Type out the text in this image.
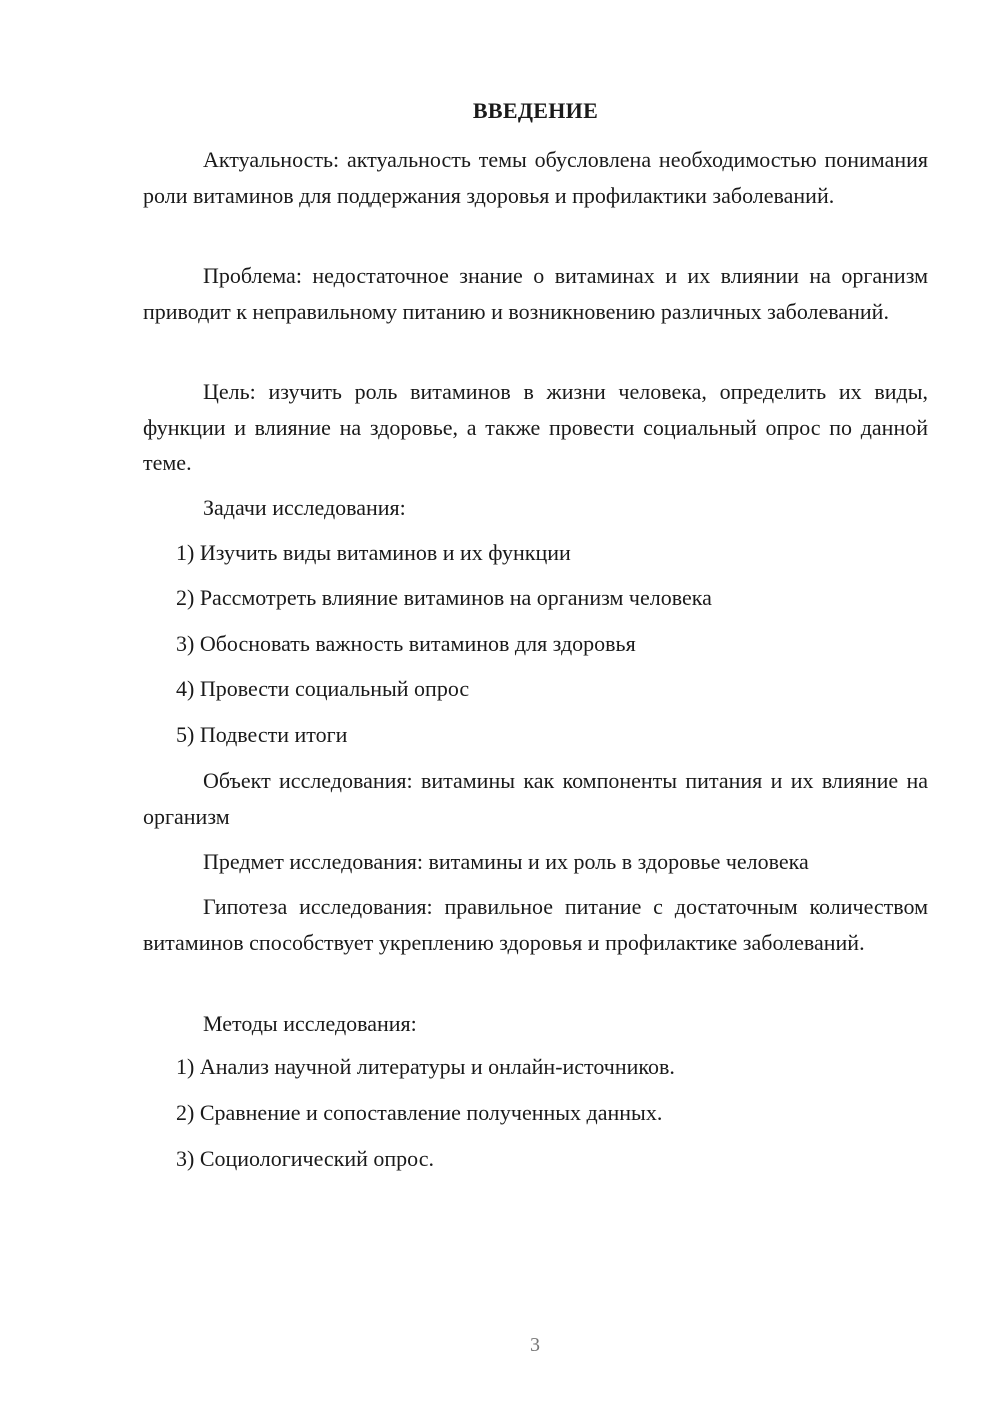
ВВЕДЕНИЕ

Актуальность: актуальность темы обусловлена необходимостью понимания роли витаминов для поддержания здоровья и профилактики заболеваний.

Проблема: недостаточное знание о витаминах и их влиянии на организм приводит к неправильному питанию и возникновению различных заболеваний.

Цель: изучить роль витаминов в жизни человека, определить их виды, функции и влияние на здоровье, а также провести социальный опрос по данной теме.

Задачи исследования:

1) Изучить виды витаминов и их функции

2) Рассмотреть влияние витаминов на организм человека

3) Обосновать важность витаминов для здоровья

4) Провести социальный опрос

5) Подвести итоги

Объект исследования: витамины как компоненты питания и их влияние на организм

Предмет исследования: витамины и их роль в здоровье человека

Гипотеза исследования: правильное питание с достаточным количеством витаминов способствует укреплению здоровья и профилактике заболеваний.

Методы исследования:

1) Анализ научной литературы и онлайн-источников.

2) Сравнение и сопоставление полученных данных.

3) Социологический опрос.

3
